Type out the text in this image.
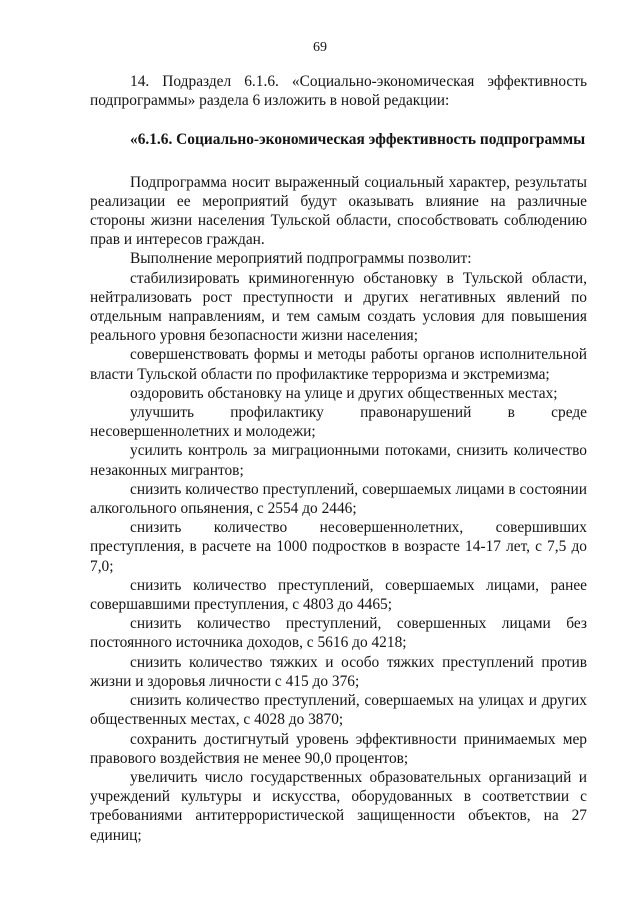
69

14. Подраздел 6.1.6. «Социально-экономическая эффективность подпрограммы» раздела 6 изложить в новой редакции:

«6.1.6. Социально-экономическая эффективность подпрограммы

Подпрограмма носит выраженный социальный характер, результаты реализации ее мероприятий будут оказывать влияние на различные стороны жизни населения Тульской области, способствовать соблюдению прав и интересов граждан.

Выполнение мероприятий подпрограммы позволит:

стабилизировать криминогенную обстановку в Тульской области, нейтрализовать рост преступности и других негативных явлений по отдельным направлениям, и тем самым создать условия для повышения реального уровня безопасности жизни населения;

совершенствовать формы и методы работы органов исполнительной власти Тульской области по профилактике терроризма и экстремизма;

оздоровить обстановку на улице и других общественных местах;

улучшить профилактику правонарушений в среде несовершеннолетних и молодежи;

усилить контроль за миграционными потоками, снизить количество незаконных мигрантов;

снизить количество преступлений, совершаемых лицами в состоянии алкогольного опьянения, с 2554 до 2446;

снизить количество несовершеннолетних, совершивших преступления, в расчете на 1000 подростков в возрасте 14-17 лет, с 7,5 до 7,0;

снизить количество преступлений, совершаемых лицами, ранее совершавшими преступления, с 4803 до 4465;

снизить количество преступлений, совершенных лицами без постоянного источника доходов, с 5616 до 4218;

снизить количество тяжких и особо тяжких преступлений против жизни и здоровья личности с 415 до 376;

снизить количество преступлений, совершаемых на улицах и других общественных местах, с 4028 до 3870;

сохранить достигнутый уровень эффективности принимаемых мер правового воздействия не менее 90,0 процентов;

увеличить число государственных образовательных организаций и учреждений культуры и искусства, оборудованных в соответствии с требованиями антитеррористической защищенности объектов, на 27 единиц;
